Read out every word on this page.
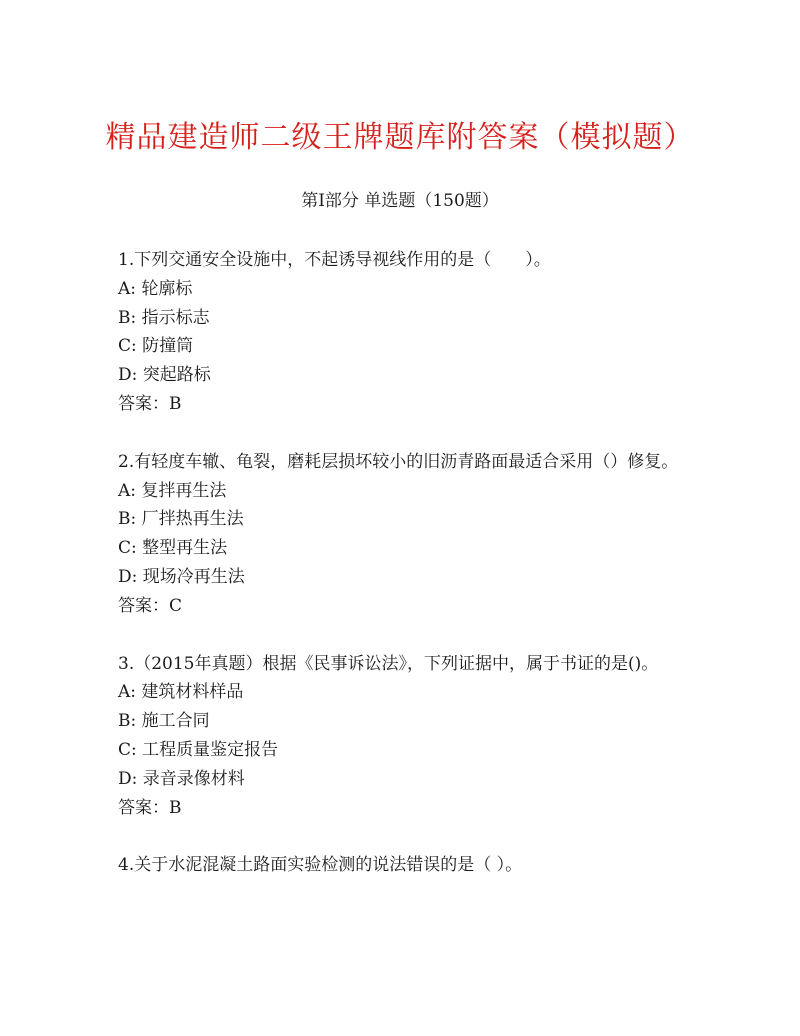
精品建造师二级王牌题库附答案（模拟题）
第Ⅰ部分 单选题（150题）
1.下列交通安全设施中，不起诱导视线作用的是（　　）。
A: 轮廓标
B: 指示标志
C: 防撞筒
D: 突起路标
答案：B
2.有轻度车辙、龟裂，磨耗层损坏较小的旧沥青路面最适合采用（）修复。
A: 复拌再生法
B: 厂拌热再生法
C: 整型再生法
D: 现场冷再生法
答案：C
3.（2015年真题）根据《民事诉讼法》，下列证据中，属于书证的是(​)。
A: 建筑材料样品
B: 施工合同
C: 工程质量鉴定报告
D: 录音录像材料
答案：B
4.关于水泥混凝土路面实验检测的说法错误的是（ ）。
